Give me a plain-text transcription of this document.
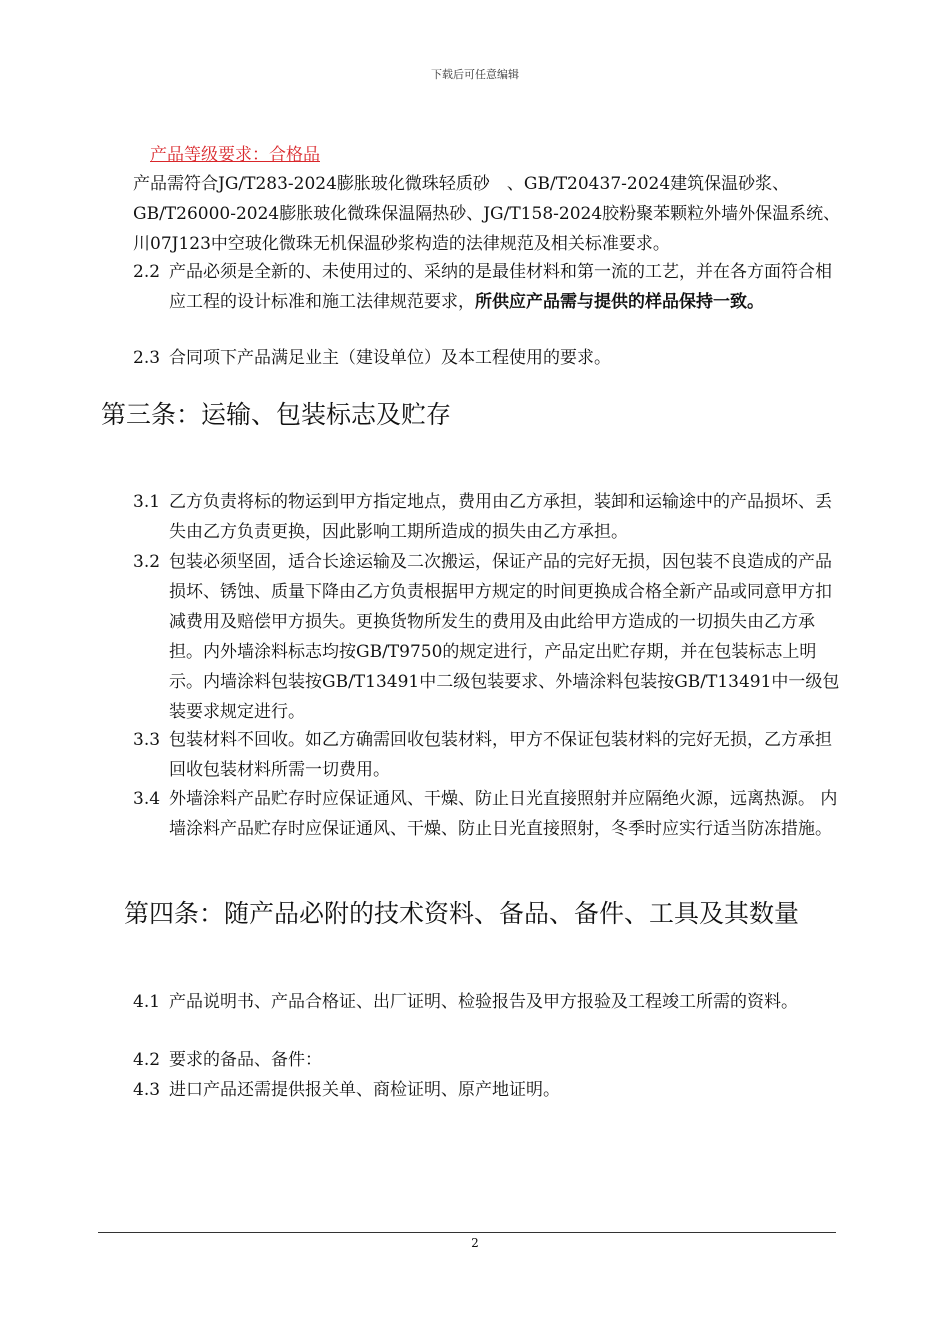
下载后可任意编辑
产品等级要求：合格品
产品需符合JG/T283-2024膨胀玻化微珠轻质砂　、GB/T20437-2024建筑保温砂浆、GB/T26000-2024膨胀玻化微珠保温隔热砂、JG/T158-2024胶粉聚苯颗粒外墙外保温系统、川07J123中空玻化微珠无机保温砂浆构造的法律规范及相关标准要求。
2.2 产品必须是全新的、未使用过的、采纳的是最佳材料和第一流的工艺，并在各方面符合相应工程的设计标准和施工法律规范要求，所供应产品需与提供的样品保持一致。
2.3 合同项下产品满足业主（建设单位）及本工程使用的要求。
第三条：运输、包装标志及贮存
3.1 乙方负责将标的物运到甲方指定地点，费用由乙方承担，装卸和运输途中的产品损坏、丢失由乙方负责更换，因此影响工期所造成的损失由乙方承担。
3.2 包装必须坚固，适合长途运输及二次搬运，保证产品的完好无损，因包装不良造成的产品损坏、锈蚀、质量下降由乙方负责根据甲方规定的时间更换成合格全新产品或同意甲方扣减费用及赔偿甲方损失。更换货物所发生的费用及由此给甲方造成的一切损失由乙方承担。内外墙涂料标志均按GB/T9750的规定进行，产品定出贮存期，并在包装标志上明示。内墙涂料包装按GB/T13491中二级包装要求、外墙涂料包装按GB/T13491中一级包装要求规定进行。
3.3 包装材料不回收。如乙方确需回收包装材料，甲方不保证包装材料的完好无损，乙方承担回收包装材料所需一切费用。
3.4 外墙涂料产品贮存时应保证通风、干燥、防止日光直接照射并应隔绝火源，远离热源。 内墙涂料产品贮存时应保证通风、干燥、防止日光直接照射，冬季时应实行适当防冻措施。
第四条：随产品必附的技术资料、备品、备件、工具及其数量
4.1 产品说明书、产品合格证、出厂证明、检验报告及甲方报验及工程竣工所需的资料。
4.2 要求的备品、备件：
4.3 进口产品还需提供报关单、商检证明、原产地证明。
2
